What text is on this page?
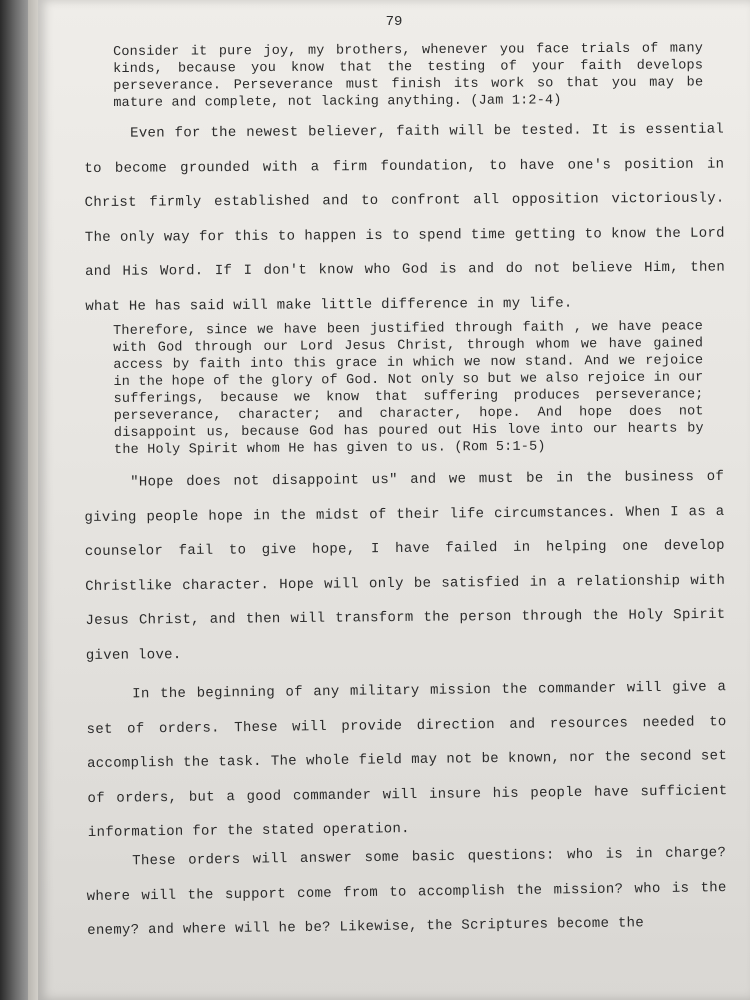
79
Consider it pure joy, my brothers, whenever you face trials of many kinds, because you know that the testing of your faith develops perseverance. Perseverance must finish its work so that you may be mature and complete, not lacking anything. (Jam 1:2-4)
Even for the newest believer, faith will be tested. It is essential to become grounded with a firm foundation, to have one's position in Christ firmly established and to confront all opposition victoriously. The only way for this to happen is to spend time getting to know the Lord and His Word. If I don't know who God is and do not believe Him, then what He has said will make little difference in my life.
Therefore, since we have been justified through faith , we have peace with God through our Lord Jesus Christ, through whom we have gained access by faith into this grace in which we now stand. And we rejoice in the hope of the glory of God. Not only so but we also rejoice in our sufferings, because we know that suffering produces perseverance; perseverance, character; and character, hope. And hope does not disappoint us, because God has poured out His love into our hearts by the Holy Spirit whom He has given to us. (Rom 5:1-5)
"Hope does not disappoint us" and we must be in the business of giving people hope in the midst of their life circumstances. When I as a counselor fail to give hope, I have failed in helping one develop Christlike character. Hope will only be satisfied in a relationship with Jesus Christ, and then will transform the person through the Holy Spirit given love.
In the beginning of any military mission the commander will give a set of orders. These will provide direction and resources needed to accomplish the task. The whole field may not be known, nor the second set of orders, but a good commander will insure his people have sufficient information for the stated operation.
These orders will answer some basic questions: who is in charge? where will the support come from to accomplish the mission? who is the enemy? and where will he be? Likewise, the Scriptures become the
